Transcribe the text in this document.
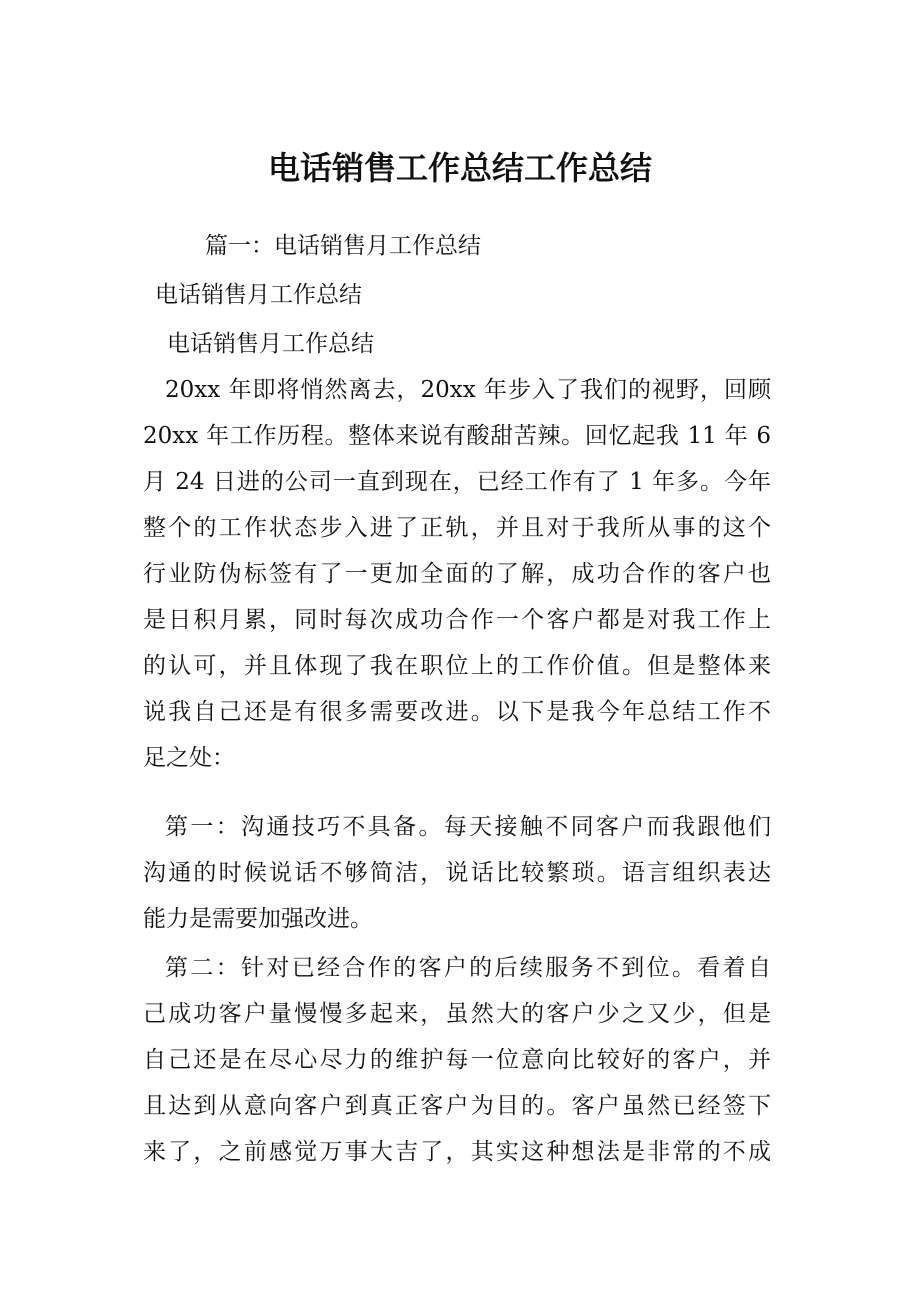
电话销售工作总结工作总结

篇一：电话销售月工作总结

电话销售月工作总结

电话销售月工作总结

20xx 年即将悄然离去，20xx 年步入了我们的视野，回顾
20xx 年工作历程。整体来说有酸甜苦辣。回忆起我 11 年 6
月 24 日进的公司一直到现在，已经工作有了 1 年多。今年
整个的工作状态步入进了正轨，并且对于我所从事的这个
行业防伪标签有了一更加全面的了解，成功合作的客户也
是日积月累，同时每次成功合作一个客户都是对我工作上
的认可，并且体现了我在职位上的工作价值。但是整体来
说我自己还是有很多需要改进。以下是我今年总结工作不
足之处：
第一：沟通技巧不具备。每天接触不同客户而我跟他们
沟通的时候说话不够简洁，说话比较繁琐。语言组织表达
能力是需要加强改进。
第二：针对已经合作的客户的后续服务不到位。看着自
己成功客户量慢慢多起来，虽然大的客户少之又少，但是
自己还是在尽心尽力的维护每一位意向比较好的客户，并
且达到从意向客户到真正客户为目的。客户虽然已经签下
来了，之前感觉万事大吉了，其实这种想法是非常的不成
